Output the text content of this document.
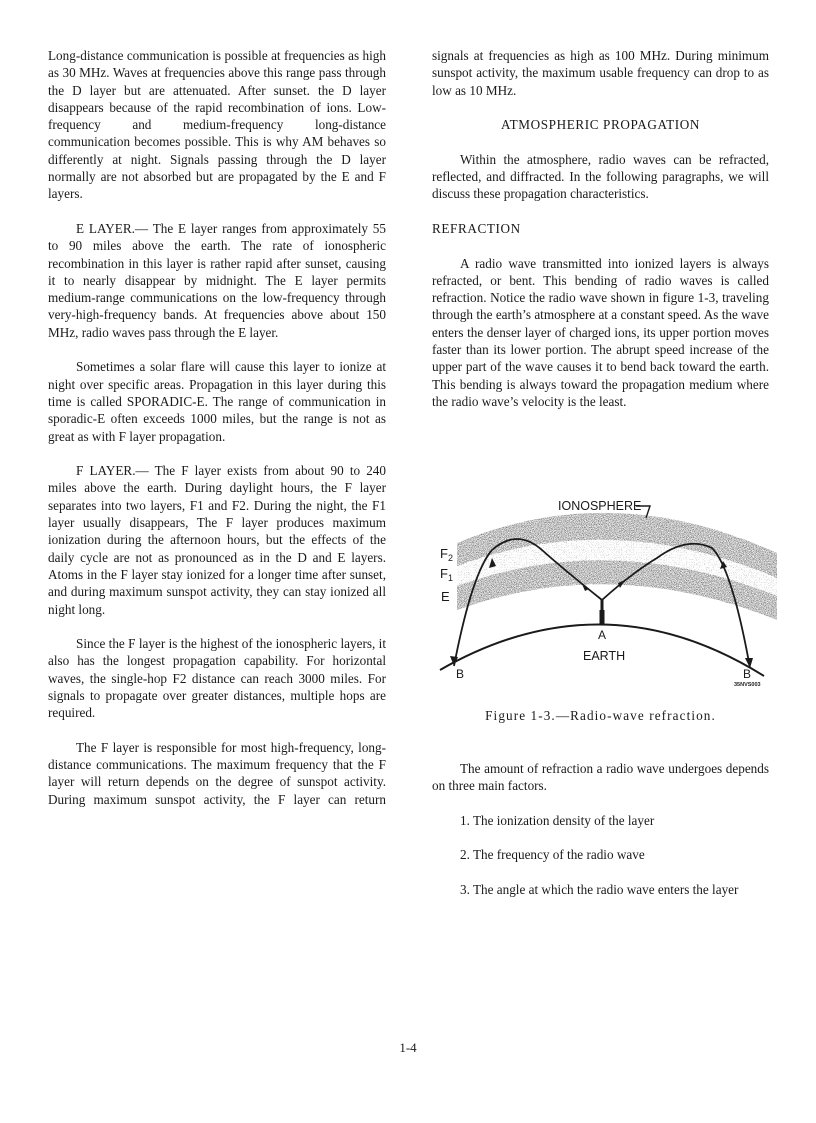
Long-distance communication is possible at frequencies as high as 30 MHz. Waves at frequencies above this range pass through the D layer but are attenuated. After sunset. the D layer disappears because of the rapid recombination of ions. Low-frequency and medium-frequency long-distance communication becomes possible. This is why AM behaves so differently at night. Signals passing through the D layer normally are not absorbed but are propagated by the E and F layers.

E LAYER.— The E layer ranges from approximately 55 to 90 miles above the earth. The rate of ionospheric recombination in this layer is rather rapid after sunset, causing it to nearly disappear by midnight. The E layer permits medium-range communications on the low-frequency through very-high-frequency bands. At frequencies above about 150 MHz, radio waves pass through the E layer.

Sometimes a solar flare will cause this layer to ionize at night over specific areas. Propagation in this layer during this time is called SPORADIC-E. The range of communication in sporadic-E often exceeds 1000 miles, but the range is not as great as with F layer propagation.

F LAYER.— The F layer exists from about 90 to 240 miles above the earth. During daylight hours, the F layer separates into two layers, F1 and F2. During the night, the F1 layer usually disappears, The F layer produces maximum ionization during the afternoon hours, but the effects of the daily cycle are not as pronounced as in the D and E layers. Atoms in the F layer stay ionized for a longer time after sunset, and during maximum sunspot activity, they can stay ionized all night long.

Since the F layer is the highest of the ionospheric layers, it also has the longest propagation capability. For horizontal waves, the single-hop F2 distance can reach 3000 miles. For signals to propagate over greater distances, multiple hops are required.

The F layer is responsible for most high-frequency, long-distance communications. The maximum frequency that the F layer will return depends on the degree of sunspot activity. During maximum sunspot activity, the F layer can return

signals at frequencies as high as 100 MHz. During minimum sunspot activity, the maximum usable frequency can drop to as low as 10 MHz.

ATMOSPHERIC PROPAGATION

Within the atmosphere, radio waves can be refracted, reflected, and diffracted. In the following paragraphs, we will discuss these propagation characteristics.

REFRACTION

A radio wave transmitted into ionized layers is always refracted, or bent. This bending of radio waves is called refraction. Notice the radio wave shown in figure 1-3, traveling through the earth’s atmosphere at a constant speed. As the wave enters the denser layer of charged ions, its upper portion moves faster than its lower portion. The abrupt speed increase of the upper part of the wave causes it to bend back toward the earth. This bending is always toward the propagation medium where the radio wave’s velocity is the least.

IONOSPHERE
$F_2$
$F_1$
E
A
EARTH
B	B
35NVS003
Figure 1-3.—Radio-wave refraction.

The amount of refraction a radio wave undergoes depends on three main factors.

1. The ionization density of the layer
2. The frequency of the radio wave
3. The angle at which the radio wave enters the layer
1-4
